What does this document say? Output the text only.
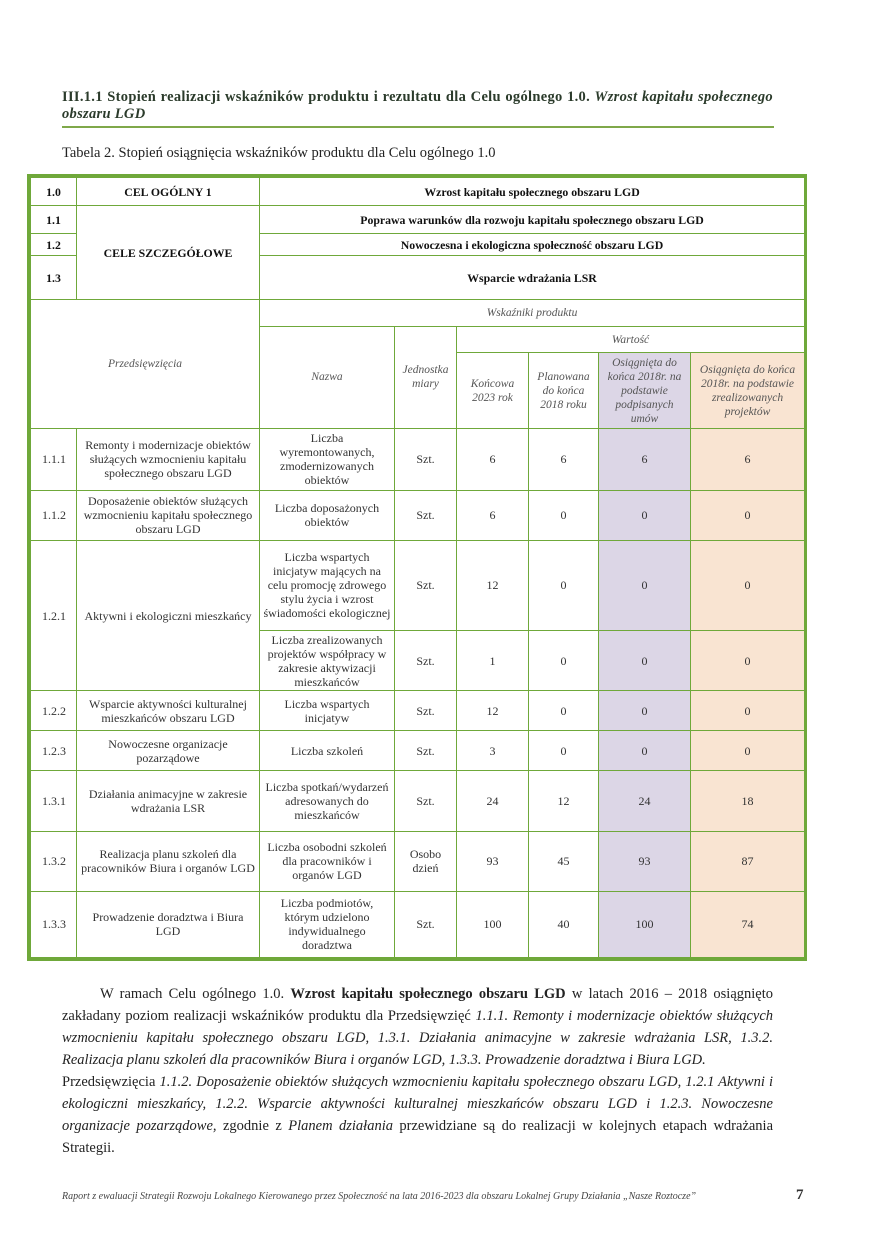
III.1.1 Stopień realizacji wskaźników produktu i rezultatu dla Celu ogólnego 1.0. Wzrost kapitału społecznego obszaru LGD
Tabela 2. Stopień osiągnięcia wskaźników produktu dla Celu ogólnego 1.0
1.0	CEL OGÓLNY 1	Wzrost kapitału społecznego obszaru LGD					
1.1	CELE SZCZEGÓŁOWE	Poprawa warunków dla rozwoju kapitału społecznego obszaru LGD					
1.2		Nowoczesna i ekologiczna społeczność obszaru LGD					
1.3		Wsparcie wdrażania LSR					
Przedsięwzięcia		Wskaźniki produktu					
		Nazwa	Jednostka miary	Wartość			
				Końcowa 2023 rok	Planowana do końca 2018 roku	Osiągnięta do końca 2018r. na podstawie podpisanych umów	Osiągnięta do końca 2018r. na podstawie zrealizowanych projektów
1.1.1	Remonty i modernizacje obiektów służących wzmocnieniu kapitału społecznego obszaru LGD	Liczba wyremontowanych, zmodernizowanych obiektów	Szt.	6	6	6	6
1.1.2	Doposażenie obiektów służących wzmocnieniu kapitału społecznego obszaru LGD	Liczba doposażonych obiektów	Szt.	6	0	0	0
1.2.1	Aktywni i ekologiczni mieszkańcy	Liczba wspartych inicjatyw mających na celu promocję zdrowego stylu życia i wzrost świadomości ekologicznej	Szt.	12	0	0	0
		Liczba zrealizowanych projektów współpracy w zakresie aktywizacji mieszkańców	Szt.	1	0	0	0
1.2.2	Wsparcie aktywności kulturalnej mieszkańców obszaru LGD	Liczba wspartych inicjatyw	Szt.	12	0	0	0
1.2.3	Nowoczesne organizacje pozarządowe	Liczba szkoleń	Szt.	3	0	0	0
1.3.1	Działania animacyjne w zakresie wdrażania LSR	Liczba spotkań/wydarzeń adresowanych do mieszkańców	Szt.	24	12	24	18
1.3.2	Realizacja planu szkoleń dla pracowników Biura i organów LGD	Liczba osobodni szkoleń dla pracowników i organów LGD	Osobo dzień	93	45	93	87
1.3.3	Prowadzenie doradztwa i Biura LGD	Liczba podmiotów, którym udzielono indywidualnego doradztwa	Szt.	100	40	100	74

W ramach Celu ogólnego 1.0. Wzrost kapitału społecznego obszaru LGD w latach 2016 – 2018 osiągnięto zakładany poziom realizacji wskaźników produktu dla Przedsięwzięć 1.1.1. Remonty i modernizacje obiektów służących wzmocnieniu kapitału społecznego obszaru LGD, 1.3.1. Działania animacyjne w zakresie wdrażania LSR, 1.3.2. Realizacja planu szkoleń dla pracowników Biura i organów LGD, 1.3.3. Prowadzenie doradztwa i Biura LGD.

Przedsięwzięcia 1.1.2. Doposażenie obiektów służących wzmocnieniu kapitału społecznego obszaru LGD, 1.2.1 Aktywni i ekologiczni mieszkańcy, 1.2.2. Wsparcie aktywności kulturalnej mieszkańców obszaru LGD i 1.2.3. Nowoczesne organizacje pozarządowe, zgodnie z Planem działania przewidziane są do realizacji w kolejnych etapach wdrażania Strategii.

Raport z ewaluacji Strategii Rozwoju Lokalnego Kierowanego przez Społeczność na lata 2016-2023 dla obszaru Lokalnej Grupy Działania „Nasze Roztocze”	7
